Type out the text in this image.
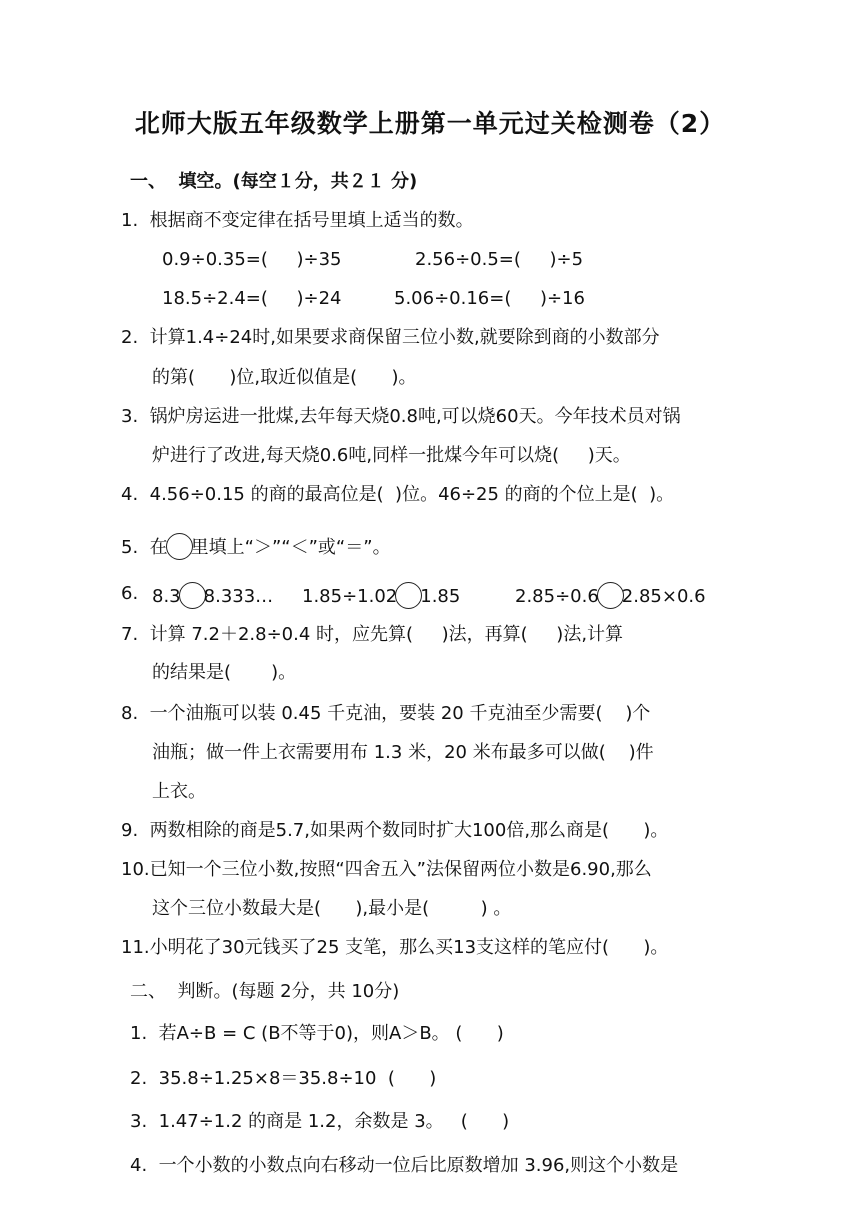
北师大版五年级数学上册第一单元过关检测卷（2）
一、  填空。(每空１分，共２１ 分)
1.  根据商不变定律在括号里填上适当的数。
0.9÷0.35=(     )÷35	2.56÷0.5=(     )÷5
18.5÷2.4=(     )÷24	5.06÷0.16=(     )÷16
2.  计算1.4÷24时,如果要求商保留三位小数,就要除到商的小数部分
的第(      )位,取近似值是(      )。
3.  锅炉房运进一批煤,去年每天烧0.8吨,可以烧60天。今年技术员对锅
炉进行了改进,每天烧0.6吨,同样一批煤今年可以烧(     )天。
4.  4.56÷0.15 的商的最高位是(  )位。46÷25 的商的个位上是(  )。
5.  在 里填上“＞”“＜”或“＝”。
6. 8.3 8.333… 1.85÷1.02 1.85	2.85÷0.6 2.85×0.6
7.  计算 7.2＋2.8÷0.4 时，应先算(     )法，再算(     )法,计算
的结果是(       )。
8.  一个油瓶可以装 0.45 千克油，要装 20 千克油至少需要(    )个
油瓶；做一件上衣需要用布 1.3 米，20 米布最多可以做(    )件
上衣。
9.  两数相除的商是5.7,如果两个数同时扩大100倍,那么商是(      )。
10.已知一个三位小数,按照“四舍五入”法保留两位小数是6.90,那么
这个三位小数最大是(      ),最小是(         ) 。
11.小明花了30元钱买了25 支笔，那么买13支这样的笔应付(      )。
二、  判断。(每题 2分，共 10分)
1.  若A÷B = C (B不等于0)，则A＞B。 (      )
2.  35.8÷1.25×8＝35.8÷10  (      )
3.  1.47÷1.2 的商是 1.2，余数是 3。   (      )
4.  一个小数的小数点向右移动一位后比原数增加 3.96,则这个小数是
